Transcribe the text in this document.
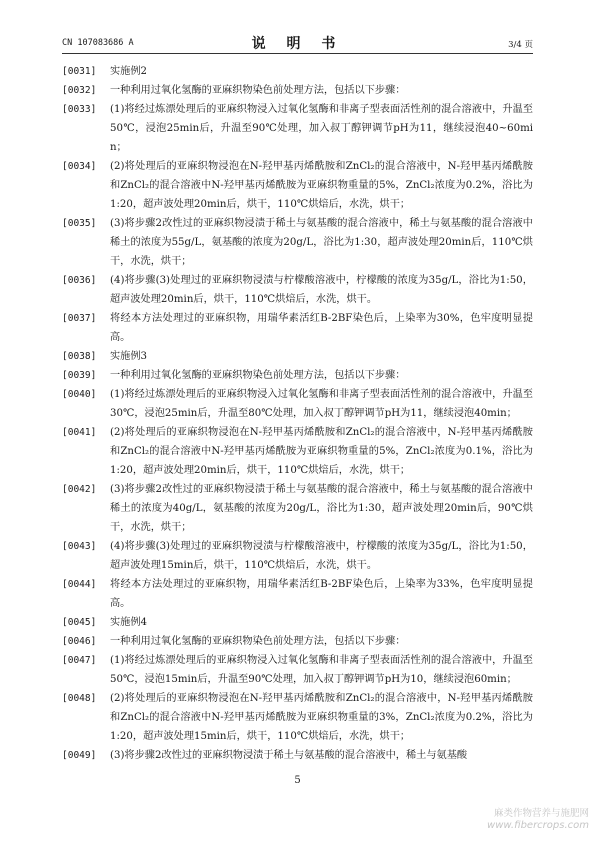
CN 107083686 A	说 明 书	3/4 页
[0031] 实施例2
[0032] 一种利用过氧化氢酶的亚麻织物染色前处理方法，包括以下步骤：
[0033] (1)将经过炼漂处理后的亚麻织物浸入过氧化氢酶和非离子型表面活性剂的混合溶液中，升温至50℃，浸泡25min后，升温至90℃处理，加入叔丁醇钾调节pH为11，继续浸泡40~60min；
[0034] (2)将处理后的亚麻织物浸泡在N-羟甲基丙烯酰胺和ZnCl₂的混合溶液中，N-羟甲基丙烯酰胺和ZnCl₂的混合溶液中N-羟甲基丙烯酰胺为亚麻织物重量的5%，ZnCl₂浓度为0.2%，浴比为1:20，超声波处理20min后，烘干，110℃烘焙后，水洗，烘干；
[0035] (3)将步骤2改性过的亚麻织物浸渍于稀土与氨基酸的混合溶液中，稀土与氨基酸的混合溶液中稀土的浓度为55g/L，氨基酸的浓度为20g/L，浴比为1:30，超声波处理20min后，110℃烘干，水洗，烘干；
[0036] (4)将步骤(3)处理过的亚麻织物浸渍与柠檬酸溶液中，柠檬酸的浓度为35g/L，浴比为1:50，超声波处理20min后，烘干，110℃烘焙后，水洗，烘干。
[0037] 将经本方法处理过的亚麻织物，用瑞华素活红B-2BF染色后，上染率为30%，色牢度明显提高。
[0038] 实施例3
[0039] 一种利用过氧化氢酶的亚麻织物染色前处理方法，包括以下步骤：
[0040] (1)将经过炼漂处理后的亚麻织物浸入过氧化氢酶和非离子型表面活性剂的混合溶液中，升温至30℃，浸泡25min后，升温至80℃处理，加入叔丁醇钾调节pH为11，继续浸泡40min；
[0041] (2)将处理后的亚麻织物浸泡在N-羟甲基丙烯酰胺和ZnCl₂的混合溶液中，N-羟甲基丙烯酰胺和ZnCl₂的混合溶液中N-羟甲基丙烯酰胺为亚麻织物重量的5%，ZnCl₂浓度为0.1%，浴比为1:20，超声波处理20min后，烘干，110℃烘焙后，水洗，烘干；
[0042] (3)将步骤2改性过的亚麻织物浸渍于稀土与氨基酸的混合溶液中，稀土与氨基酸的混合溶液中稀土的浓度为40g/L，氨基酸的浓度为20g/L，浴比为1:30，超声波处理20min后，90℃烘干，水洗，烘干；
[0043] (4)将步骤(3)处理过的亚麻织物浸渍与柠檬酸溶液中，柠檬酸的浓度为35g/L，浴比为1:50，超声波处理15min后，烘干，110℃烘焙后，水洗，烘干。
[0044] 将经本方法处理过的亚麻织物，用瑞华素活红B-2BF染色后，上染率为33%，色牢度明显提高。
[0045] 实施例4
[0046] 一种利用过氧化氢酶的亚麻织物染色前处理方法，包括以下步骤：
[0047] (1)将经过炼漂处理后的亚麻织物浸入过氧化氢酶和非离子型表面活性剂的混合溶液中，升温至50℃，浸泡15min后，升温至90℃处理，加入叔丁醇钾调节pH为10，继续浸泡60min；
[0048] (2)将处理后的亚麻织物浸泡在N-羟甲基丙烯酰胺和ZnCl₂的混合溶液中，N-羟甲基丙烯酰胺和ZnCl₂的混合溶液中N-羟甲基丙烯酰胺为亚麻织物重量的3%，ZnCl₂浓度为0.2%，浴比为1:20，超声波处理15min后，烘干，110℃烘焙后，水洗，烘干；
[0049] (3)将步骤2改性过的亚麻织物浸渍于稀土与氨基酸的混合溶液中，稀土与氨基酸
5
麻类作物营养与施肥网
www.fibercrops.com
